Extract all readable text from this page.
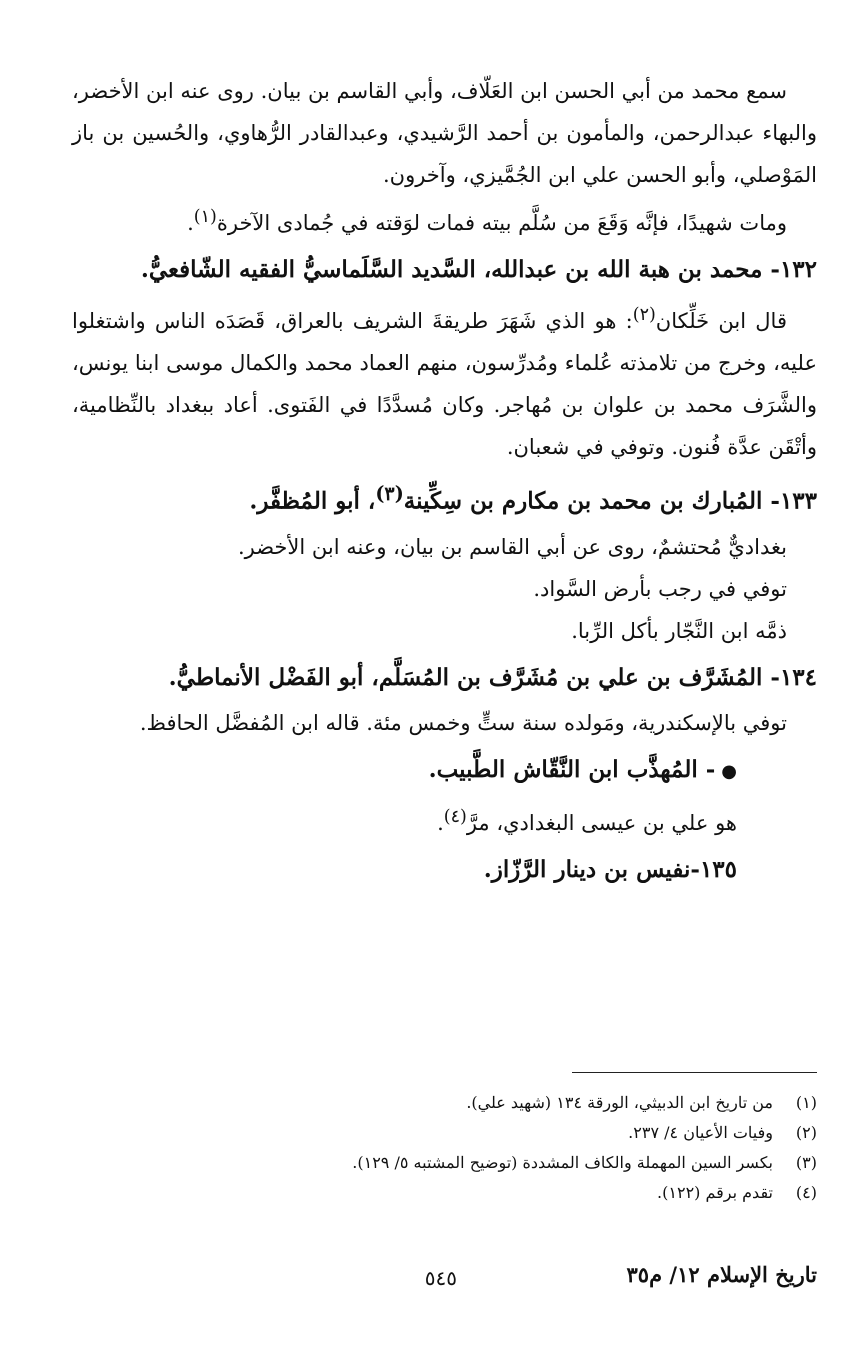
سمع محمد من أبي الحسن ابن العَلّاف، وأبي القاسم بن بيان. روى عنه ابن الأخضر، والبهاء عبدالرحمن، والمأمون بن أحمد الرَّشيدي، وعبدالقادر الرُّهاوي، والحُسين بن باز المَوْصلي، وأبو الحسن علي ابن الجُمَّيزي، وآخرون.

ومات شهيدًا، فإنَّه وَقَعَ من سُلَّم بيته فمات لوَقته في جُمادى الآخرة$^{(١)}$.

١٣٢- محمد بن هبة الله بن عبدالله، السَّديد السَّلَماسيُّ الفقيه الشّافعيُّ.

قال ابن خَلِّكان$^{(٢)}$: هو الذي شَهَرَ طريقةَ الشريف بالعراق، قَصَدَه الناس واشتغلوا عليه، وخرج من تلامذته عُلماء ومُدرِّسون، منهم العماد محمد والكمال موسى ابنا يونس، والشَّرَف محمد بن علوان بن مُهاجر. وكان مُسدَّدًا في الفَتوى. أعاد ببغداد بالنِّظامية، وأتْقَن عدَّة فُنون. وتوفي في شعبان.

١٣٣- المُبارك بن محمد بن مكارم بن سِكِّينة$^{(٣)}$، أبو المُظفَّر.

بغداديٌّ مُحتشمٌ، روى عن أبي القاسم بن بيان، وعنه ابن الأخضر.

توفي في رجب بأرض السَّواد.

ذمَّه ابن النَّجّار بأكل الرِّبا.

١٣٤- المُشَرَّف بن علي بن مُشَرَّف بن المُسَلَّم، أبو الفَضْل الأنماطيُّ.

توفي بالإسكندرية، ومَولده سنة ستٍّ وخمس مئة. قاله ابن المُفضَّل الحافظ.

●- المُهذَّب ابن النَّقّاش الطَّبيب.

هو علي بن عيسى البغدادي، مرَّ$^{(٤)}$.

١٣٥-نفيس بن دينار الرَّزّاز.

(١)
من تاريخ ابن الدبيثي، الورقة ١٣٤ (شهيد علي).
(٢)
وفيات الأعيان ٤/ ٢٣٧.
(٣)
بكسر السين المهملة والكاف المشددة (توضيح المشتبه ٥/ ١٢٩).
(٤)
تقدم برقم (١٢٢).
تاريخ الإسلام ١٢/ م٣٥
٥٤٥
